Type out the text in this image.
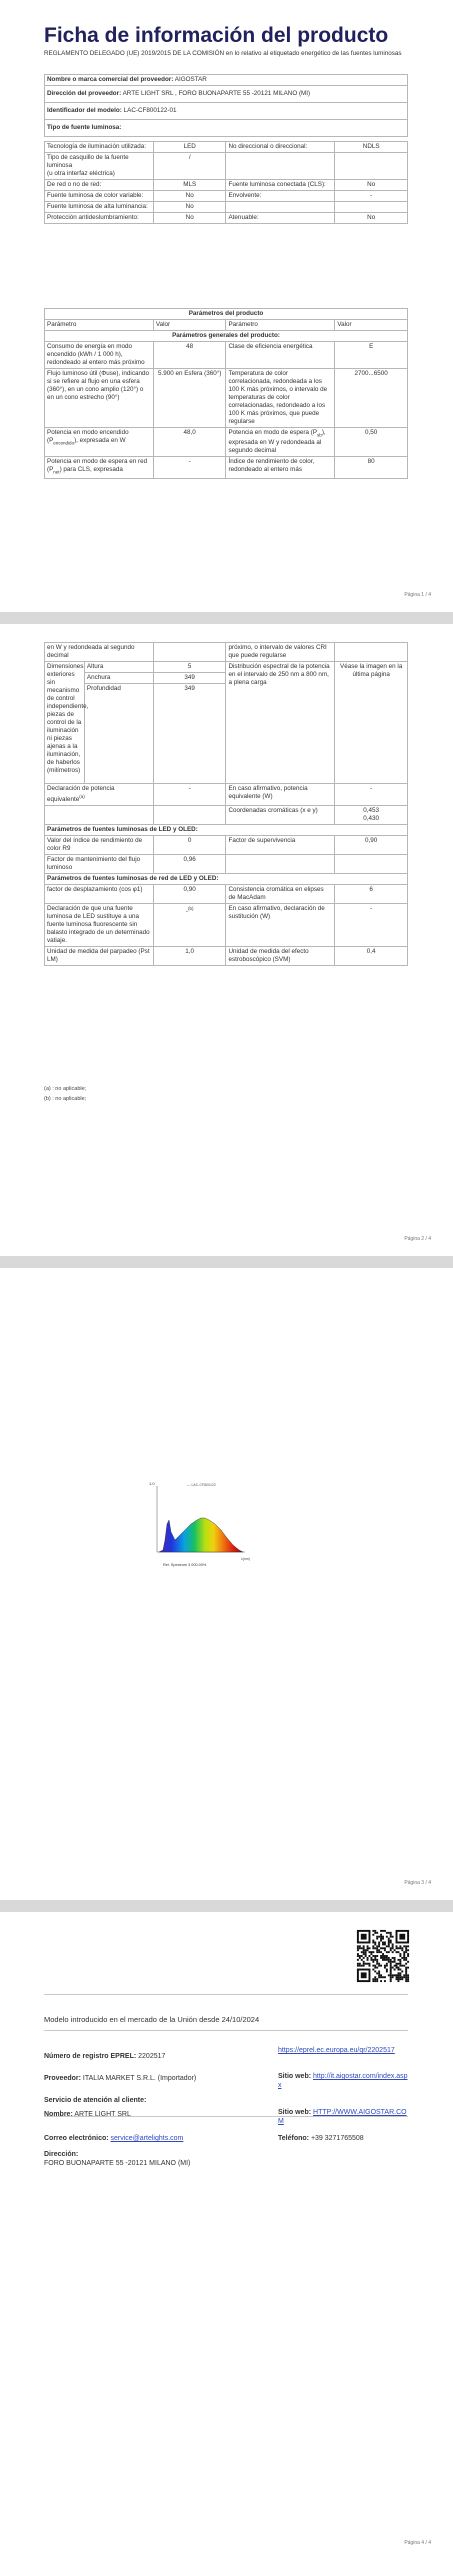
Ficha de información del producto
REGLAMENTO DELEGADO (UE) 2019/2015 DE LA COMISIÓN en lo relativo al etiquetado energético de las fuentes luminosas
Nombre o marca comercial del proveedor: AIGOSTAR
Dirección del proveedor: ARTE LIGHT SRL , FORO BUONAPARTE 55 -20121 MILANO (MI)
Identificador del modelo: LAC-CF800122-01
Tipo de fuente luminosa:
Tecnología de iluminación utilizada:	LED	No direccional o direccional:	NDLS
Tipo de casquillo de la fuente luminosa
(u otra interfaz eléctrica)	/		
De red o no de red:	MLS	Fuente luminosa conectada (CLS):	No
Fuente luminosa de color variable:	No	Envolvente:	-
Fuente luminosa de alta luminancia:	No		
Protección antideslumbramiento:	No	Atenuable:	No
Parámetros del producto			
Parámetro	Valor	Parámetro	Valor
Parámetros generales del producto:			
Consumo de energía en modo encendido (kWh / 1 000 h), redondeado al entero más próximo	48	Clase de eficiencia energética	E
Flujo luminoso útil (Φuse), indicando si se refiere al flujo en una esfera (360°), en un cono amplio (120°) o en un cono estrecho (90°)	5.900 en Esfera (360°)	Temperatura de color correlacionada, redondeada a los 100 K más próximos, o intervalo de temperaturas de color correlacionadas, redondeado a los 100 K más próximos, que puede regularse	2700...6500
Potencia en modo encendido $(P_{encendido})$, expresada en W	48,0	Potencia en modo de espera $(P_{sb})$, expresada en W y redondeada al segundo decimal	0,50
Potencia en modo de espera en red $(P_{net})$ para CLS, expresada	-	Índice de rendimiento de color, redondeado al entero más	80
Página 1 / 4
en W y redondeada al segundo decimal			próximo, o intervalo de valores CRI que puede regularse	
Dimensiones exteriores sin mecanismo de control independiente, piezas de control de la iluminación ni piezas ajenas a la iluminación, de haberlos (milímetros)	Altura	5	Distribución espectral de la potencia en el intervalo de 250 nm a 800 nm, a plena carga	Véase la imagen en la última página
	Anchura	349		
	Profundidad	349		
Declaración de potencia equivalente$^{(a)}$		-	En caso afirmativo, potencia equivalente (W)	-
			Coordenadas cromáticas (x e y)	0,453
0,430
Parámetros de fuentes luminosas de LED y OLED:				
Valor del índice de rendimiento de color R9		0	Factor de supervivencia	0,90
Factor de mantenimiento del flujo luminoso		0,96		
Parámetros de fuentes luminosas de red de LED y OLED:				
factor de desplazamiento (cos φ1)		0,90	Consistencia cromática en elipses de MacAdam	6
Declaración de que una fuente luminosa de LED sustituye a una fuente luminosa fluorescente sin balasto integrado de un determinado vatiaje.		-$^{(b)}$	En caso afirmativo, declaración de sustitución (W)	-
Unidad de medida del parpadeo (Pst LM)		1,0	Unidad de medida del efecto estroboscópico (SVM)	0,4
(a) : no aplicable;
(b) : no aplicable;
Página 2 / 4
Página 3 / 4
1.0	— LAC-CF800122
λ(nm)
Rel. Spectrum 3 000.00%
Página 4 / 4
Modelo introducido en el mercado de la Unión desde 24/10/2024
Número de registro EPREL: 2202517
https://eprel.ec.europa.eu/qr/2202517
Proveedor: ITALIA MARKET S.R.L. (Importador)	Sitio web: http://it.aigostar.com/index.aspx
Servicio de atención al cliente:
Nombre: ARTE LIGHT SRL	Sitio web: HTTP://WWW.AIGOSTAR.COM
Correo electrónico: service@artelights.com	Teléfono: +39 3271765508
Dirección:
FORO BUONAPARTE 55 -20121 MILANO (MI)
